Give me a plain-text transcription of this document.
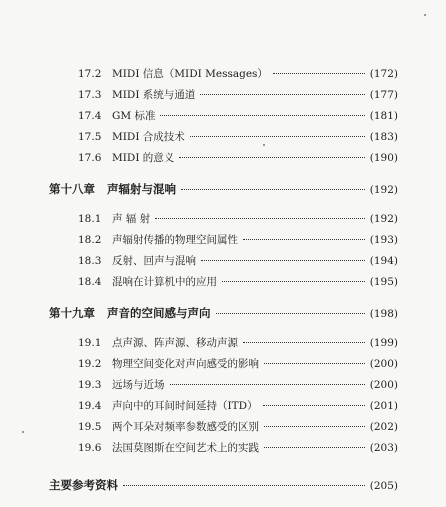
17.2	MIDI 信息（MIDI Messages）	(172)
17.3	MIDI 系统与通道	(177)
17.4	GM 标准	(181)
17.5	MIDI 合成技术	(183)
17.6	MIDI 的意义	(190)
第十八章	声辐射与混响	(192)
18.1	声 辐 射	(192)
18.2	声辐射传播的物理空间属性	(193)
18.3	反射、回声与混响	(194)
18.4	混响在计算机中的应用	(195)
第十九章	声音的空间感与声向	(198)
19.1	点声源、阵声源、移动声源	(199)
19.2	物理空间变化对声向感受的影响	(200)
19.3	远场与近场	(200)
19.4	声向中的耳间时间延持（ITD）	(201)
19.5	两个耳朵对频率参数感受的区别	(202)
19.6	法国莫图斯在空间艺术上的实践	(203)
主要参考资料	(205)
